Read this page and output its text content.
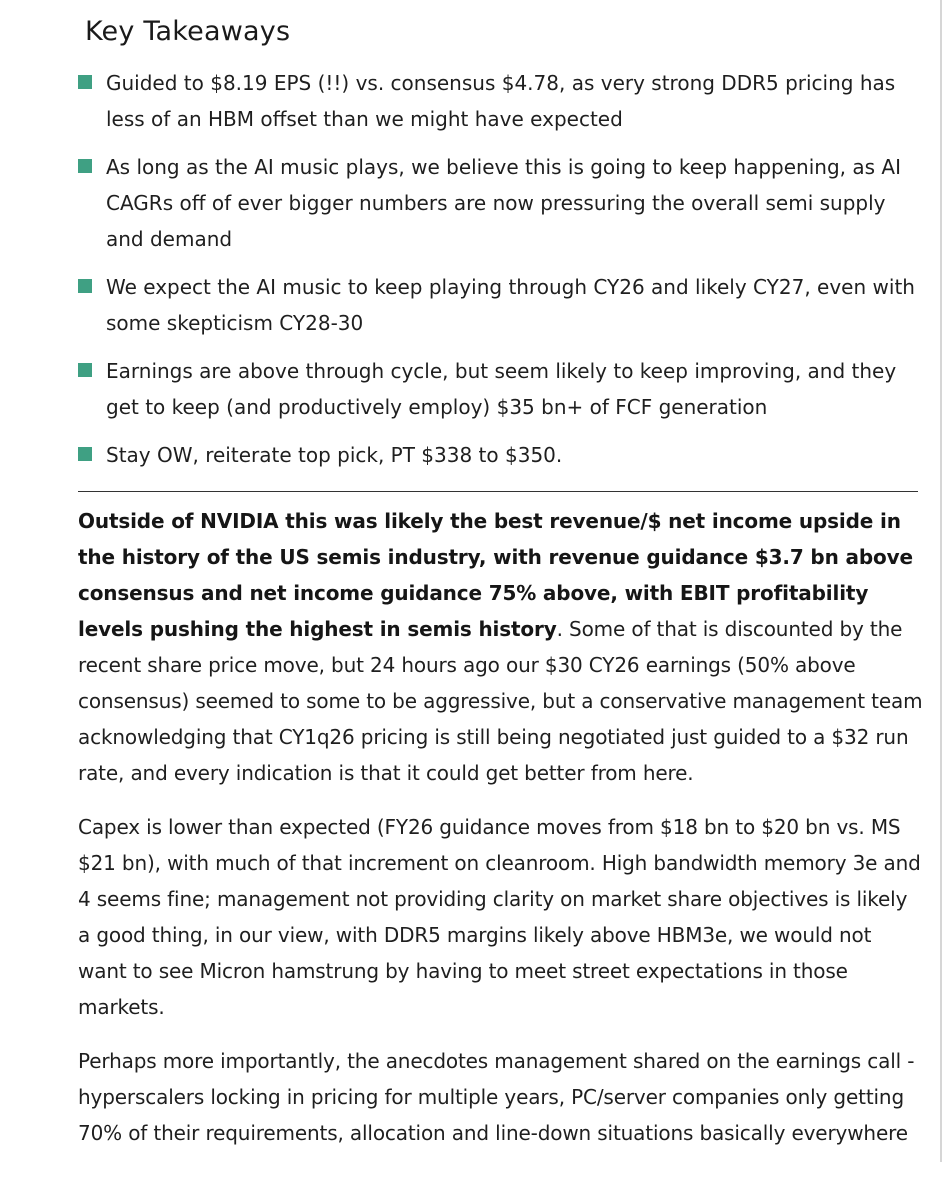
Key Takeaways
Guided to $8.19 EPS (!!) vs. consensus $4.78, as very strong DDR5 pricing has less of an HBM offset than we might have expected
As long as the AI music plays, we believe this is going to keep happening, as AI CAGRs off of ever bigger numbers are now pressuring the overall semi supply and demand
We expect the AI music to keep playing through CY26 and likely CY27, even with some skepticism CY28-30
Earnings are above through cycle, but seem likely to keep improving, and they get to keep (and productively employ) $35 bn+ of FCF generation
Stay OW, reiterate top pick, PT $338 to $350.

Outside of NVIDIA this was likely the best revenue/$ net income upside in the history of the US semis industry, with revenue guidance $3.7 bn above consensus and net income guidance 75% above, with EBIT profitability levels pushing the highest in semis history. Some of that is discounted by the recent share price move, but 24 hours ago our $30 CY26 earnings (50% above consensus) seemed to some to be aggressive, but a conservative management team acknowledging that CY1q26 pricing is still being negotiated just guided to a $32 run rate, and every indication is that it could get better from here.

Capex is lower than expected (FY26 guidance moves from $18 bn to $20 bn vs. MS $21 bn), with much of that increment on cleanroom. High bandwidth memory 3e and 4 seems fine; management not providing clarity on market share objectives is likely a good thing, in our view, with DDR5 margins likely above HBM3e, we would not want to see Micron hamstrung by having to meet street expectations in those markets.

Perhaps more importantly, the anecdotes management shared on the earnings call - hyperscalers locking in pricing for multiple years, PC/server companies only getting 70% of their requirements, allocation and line-down situations basically everywhere
